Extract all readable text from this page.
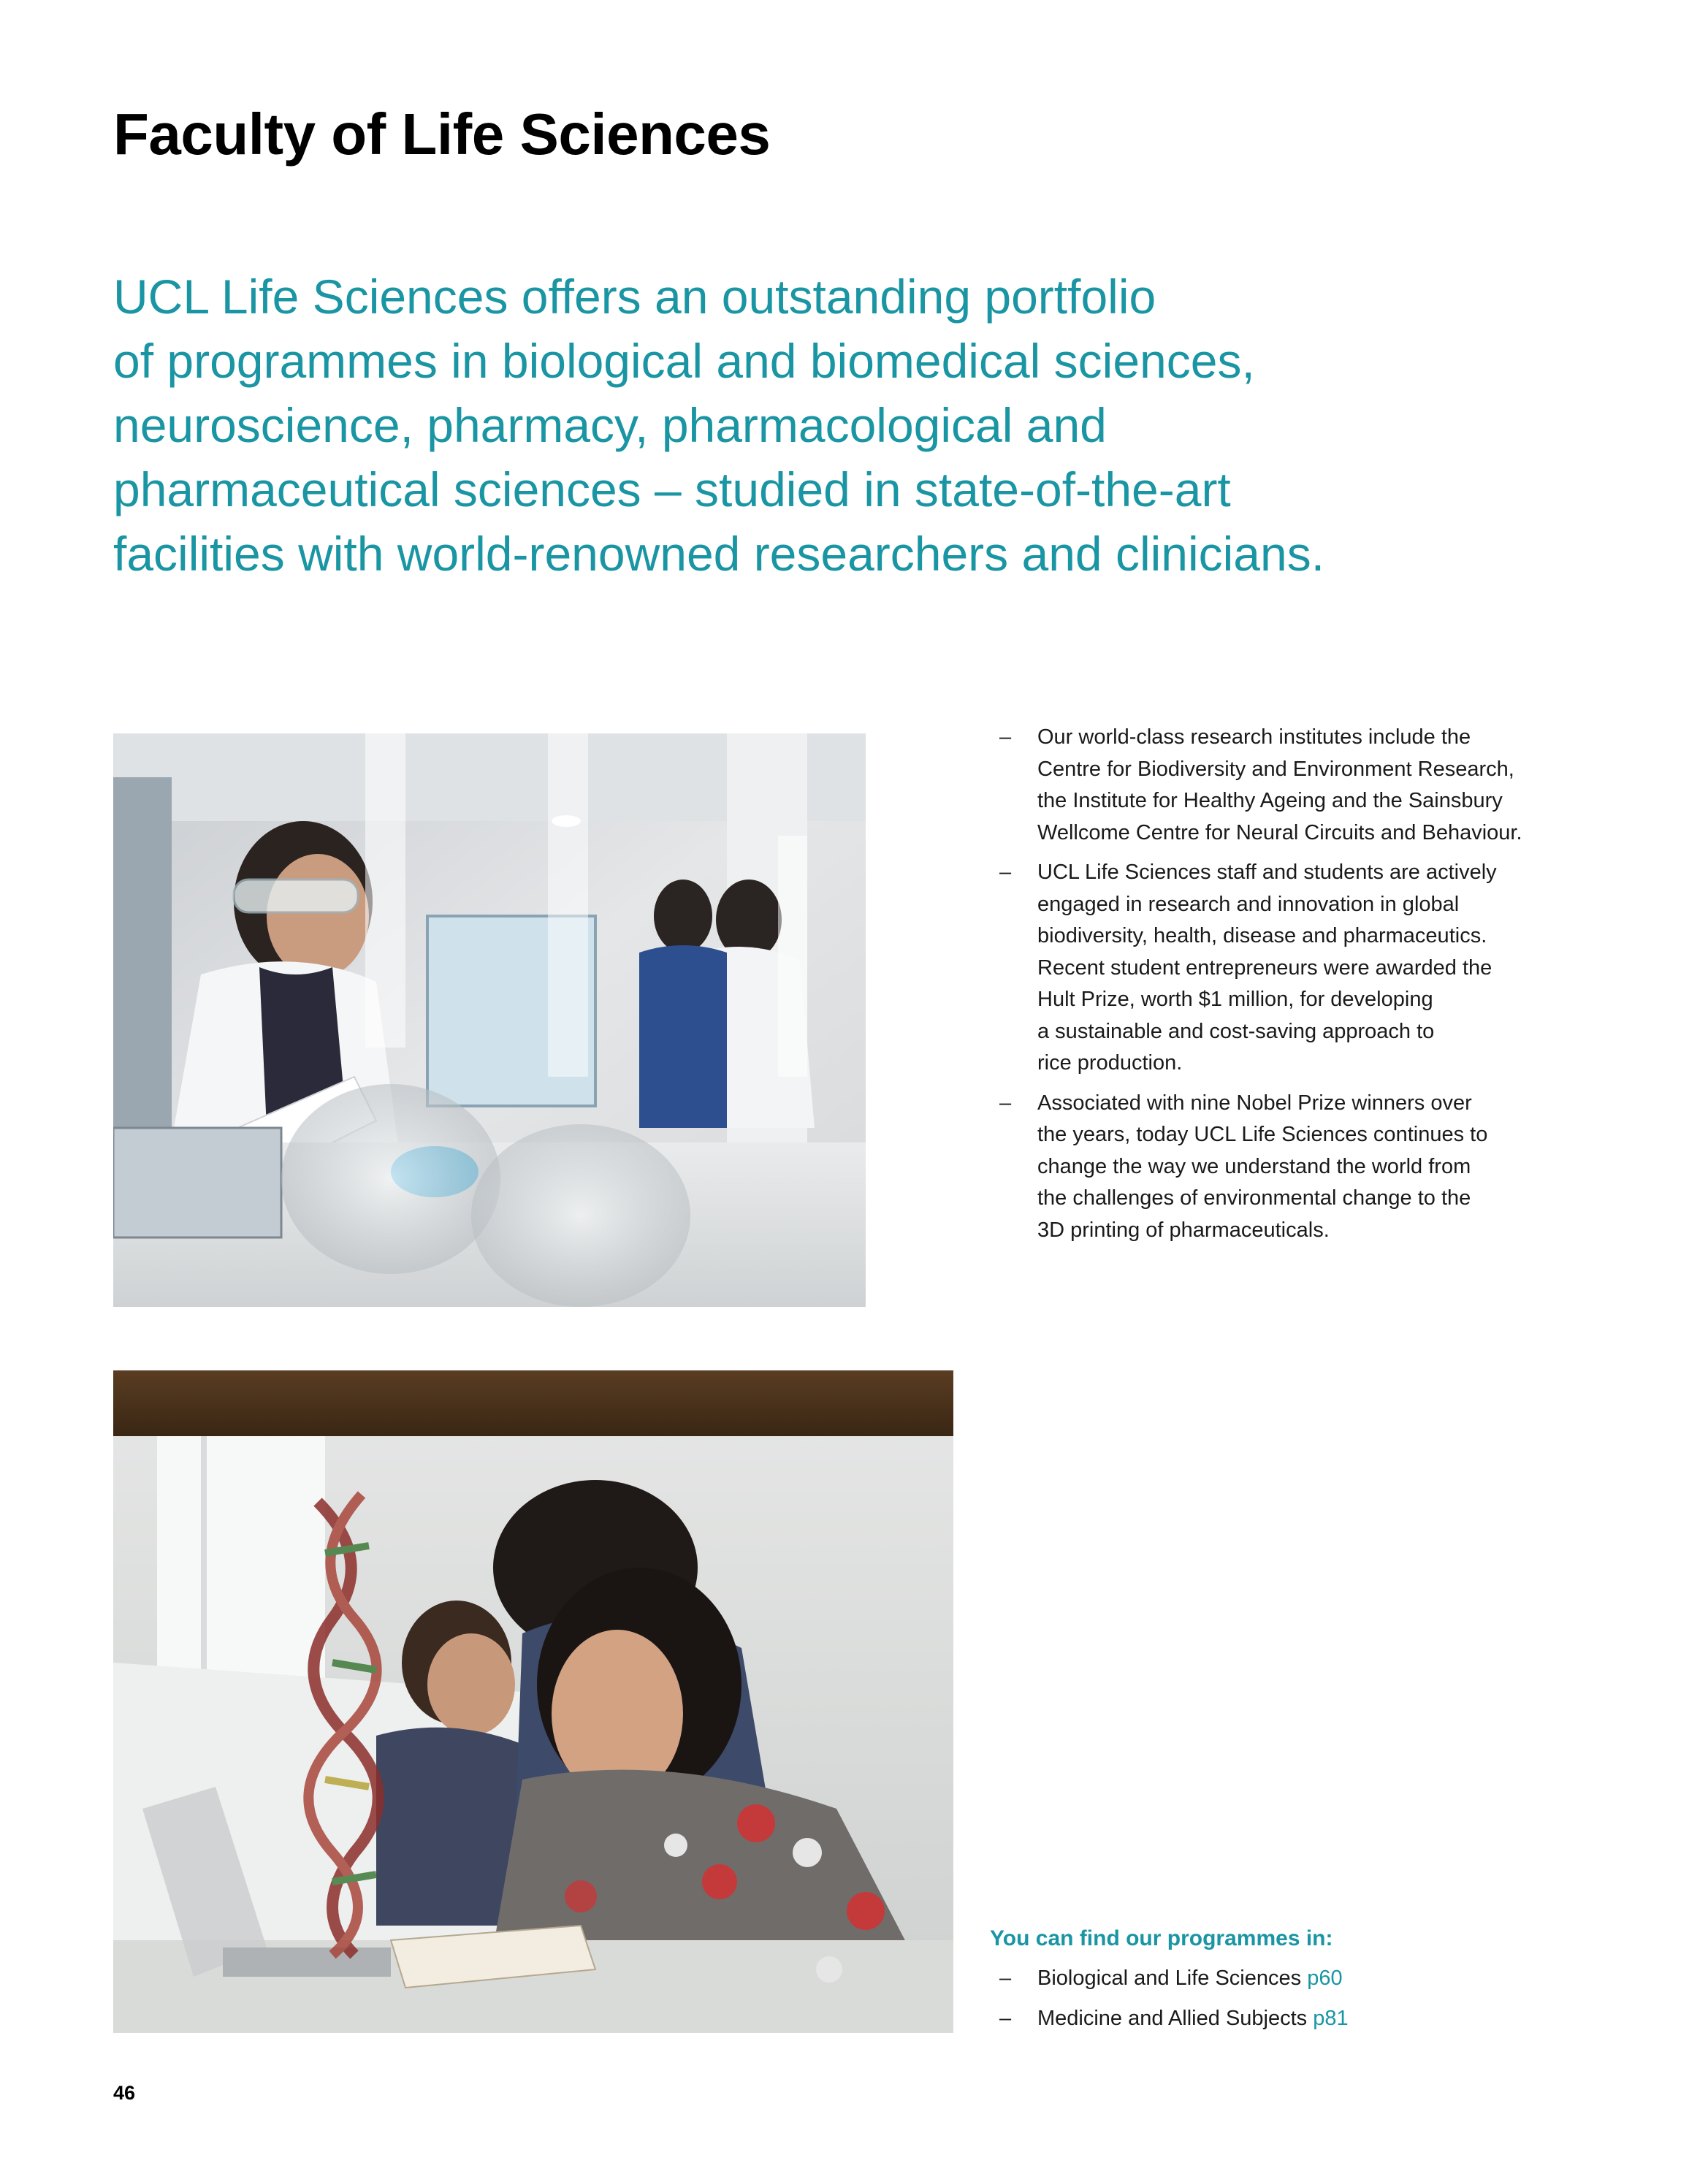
Faculty of Life Sciences

UCL Life Sciences offers an outstanding portfolio
of programmes in biological and biomedical sciences,
neuroscience, pharmacy, pharmacological and
pharmaceutical sciences – studied in state-of-the-art
facilities with world-renowned researchers and clinicians.

– Our world-class research institutes include the
Centre for Biodiversity and Environment Research,
the Institute for Healthy Ageing and the Sainsbury
Wellcome Centre for Neural Circuits and Behaviour.
– UCL Life Sciences staff and students are actively
engaged in research and innovation in global
biodiversity, health, disease and pharmaceutics.
Recent student entrepreneurs were awarded the
Hult Prize, worth $1 million, for developing
a sustainable and cost-saving approach to
rice production.
– Associated with nine Nobel Prize winners over
the years, today UCL Life Sciences continues to
change the way we understand the world from
the challenges of environmental change to the
3D printing of pharmaceuticals.

You can find our programmes in:

– Biological and Life Sciences p60
– Medicine and Allied Subjects p81
46
